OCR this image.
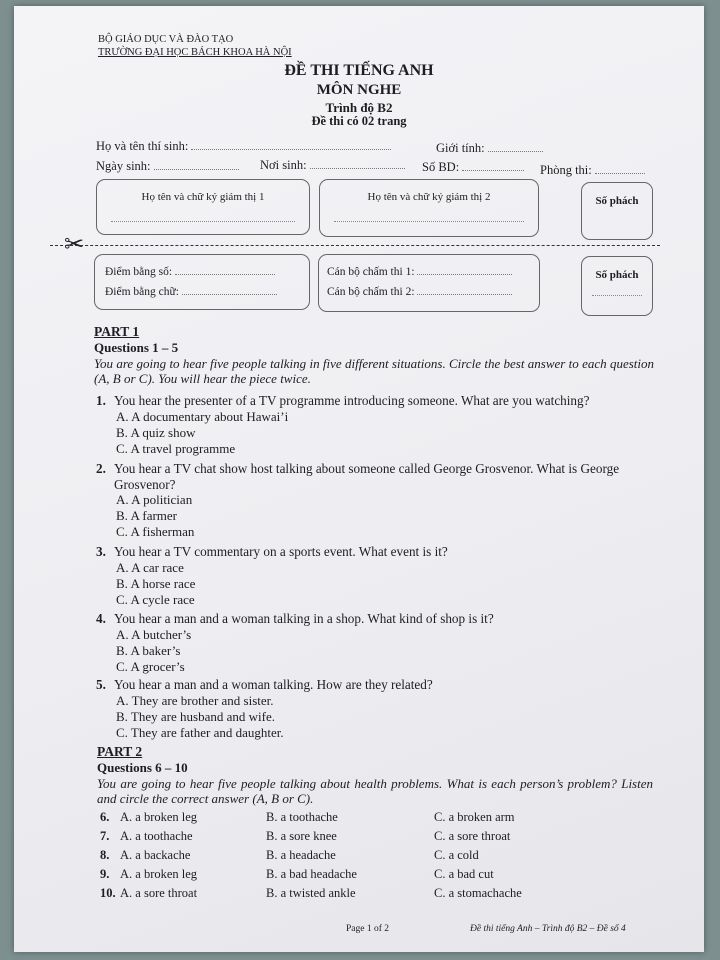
BỘ GIÁO DỤC VÀ ĐÀO TẠO
TRƯỜNG ĐẠI HỌC BÁCH KHOA HÀ NỘI
ĐỀ THI TIẾNG ANH
MÔN NGHE
Trình độ B2
Đề thi có 02 trang
Họ và tên thí sinh:	Giới tính:
Ngày sinh:	Nơi sinh:	Số BD:	Phòng thi:
Họ tên và chữ ký giám thị 1	Họ tên và chữ ký giám thị 2	Số phách
✂
Điểm bằng số:
Điểm bằng chữ:
Cán bộ chấm thi 1:
Cán bộ chấm thi 2:
Số phách
PART 1
Questions 1 – 5
You are going to hear five people talking in five different situations. Circle the best answer to each question (A, B or C). You will hear the piece twice.
1. You hear the presenter of a TV programme introducing someone. What are you watching?
A. A documentary about Hawai’i
B. A quiz show
C. A travel programme
2. You hear a TV chat show host talking about someone called George Grosvenor. What is George Grosvenor?
A. A politician
B. A farmer
C. A fisherman
3. You hear a TV commentary on a sports event. What event is it?
A. A car race
B. A horse race
C. A cycle race
4. You hear a man and a woman talking in a shop. What kind of shop is it?
A. A butcher’s
B. A baker’s
C. A grocer’s
5. You hear a man and a woman talking. How are they related?
A. They are brother and sister.
B. They are husband and wife.
C. They are father and daughter.
PART 2
Questions 6 – 10
You are going to hear five people talking about health problems. What is each person’s problem? Listen and circle the correct answer (A, B or C).
6. A. a broken leg	B. a toothache	C. a broken arm
7. A. a toothache	B. a sore knee	C. a sore throat
8. A. a backache	B. a headache	C. a cold
9. A. a broken leg	B. a bad headache	C. a bad cut
10. A. a sore throat	B. a twisted ankle	C. a stomachache
Page 1 of 2	Đề thi tiếng Anh – Trình độ B2 – Đề số 4
